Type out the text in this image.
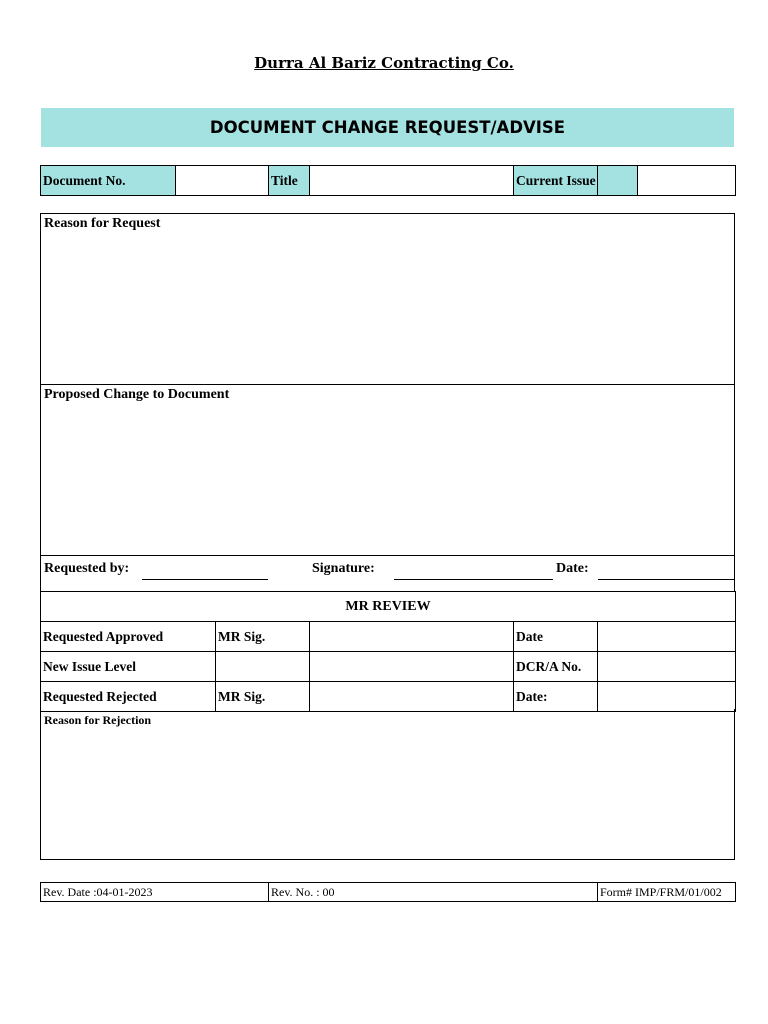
Durra Al Bariz Contracting Co.
DOCUMENT CHANGE REQUEST/ADVISE
Document No.		Title		Current Issue		
Reason for Request
Proposed Change to Document
Requested by:	Signature:	Date:
MR REVIEW				
Requested Approved	MR Sig.		Date	
New Issue Level			DCR/A No.	
Requested Rejected	MR Sig.		Date:	
Reason for Rejection
Rev. Date :04-01-2023	Rev. No. : 00	Form# IMP/FRM/01/002
